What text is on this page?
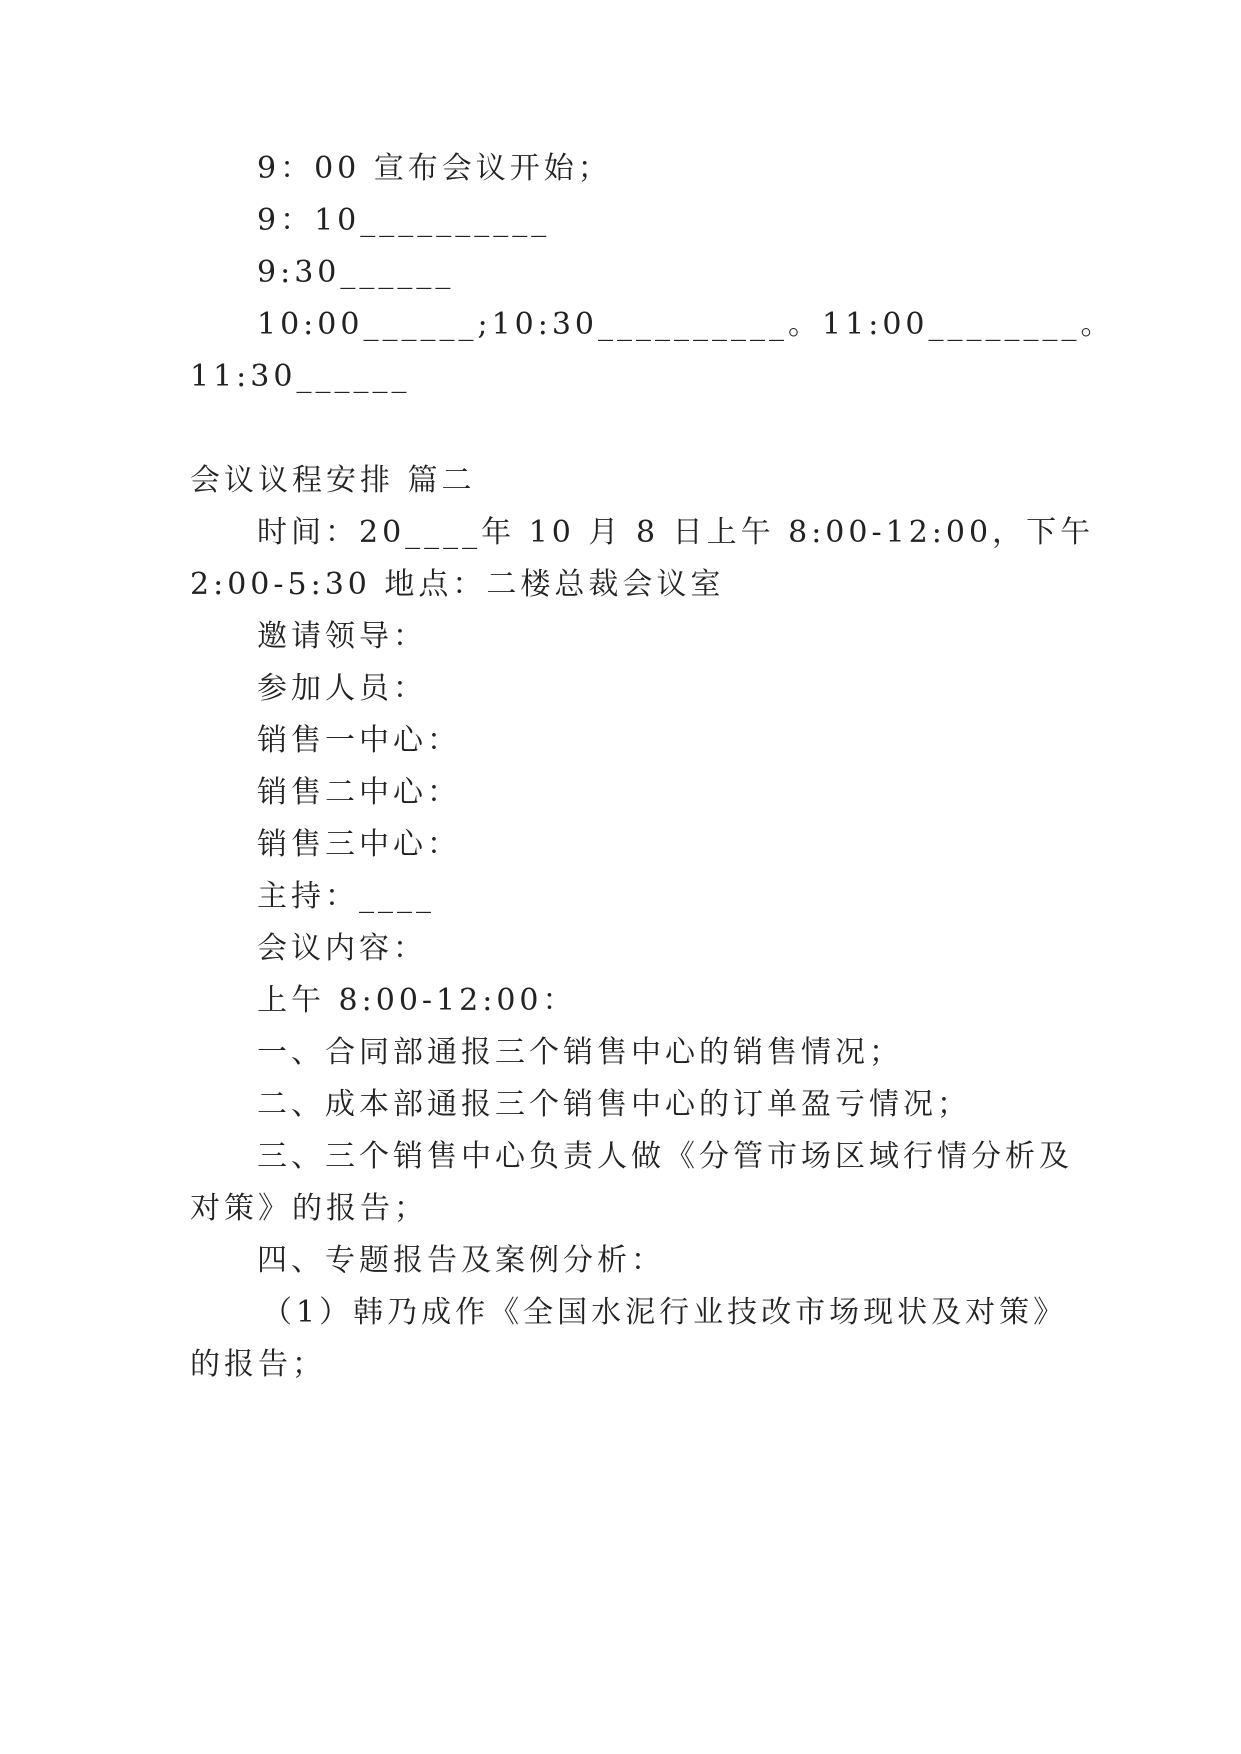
9：00 宣布会议开始；
9：10__________
9:30______
10:00______;10:30__________ 。 11:00________ 。
11:30______
会议议程安排 篇二
时间：20____年 10 月 8 日上午 8:00-12:00，下午
2:00-5:30 地点：二楼总裁会议室
邀请领导：
参加人员：
销售一中心：
销售二中心：
销售三中心：
主持：____
会议内容：
上午 8:00-12:00：
一、合同部通报三个销售中心的销售情况；
二、成本部通报三个销售中心的订单盈亏情况；
三、三个销售中心负责人做《分管市场区域行情分析及
对策》的报告；
四、专题报告及案例分析：
（1）韩乃成作《全国水泥行业技改市场现状及对策》
的报告；
